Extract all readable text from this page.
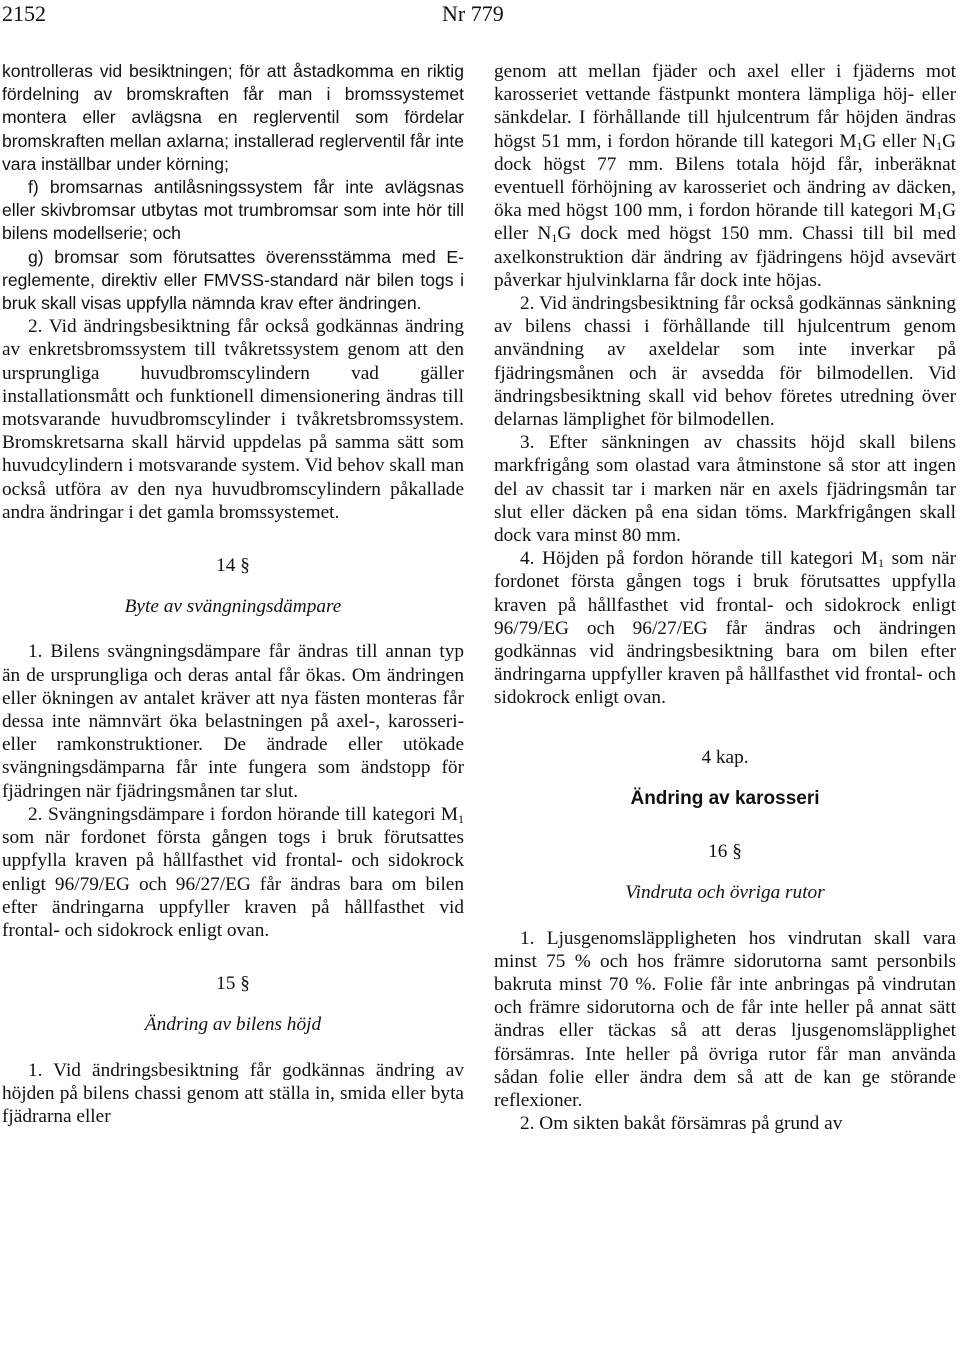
2152	Nr 779

kontrolleras vid besiktningen; för att åstadkomma en riktig fördelning av bromskraften får man i bromssystemet montera eller avlägsna en reglerventil som fördelar bromskraften mellan axlarna; installerad reglerventil får inte vara inställbar under körning;

f) bromsarnas antilåsningssystem får inte avlägsnas eller skivbromsar utbytas mot trumbromsar som inte hör till bilens modellserie; och

g) bromsar som förutsattes överensstämma med E-reglemente, direktiv eller FMVSS-standard när bilen togs i bruk skall visas uppfylla nämnda krav efter ändringen.

2. Vid ändringsbesiktning får också godkännas ändring av enkretsbromssystem till tvåkretssystem genom att den ursprungliga huvudbromscylindern vad gäller installationsmått och funktionell dimensionering ändras till motsvarande huvudbromscylinder i tvåkretsbromssystem. Bromskretsarna skall härvid uppdelas på samma sätt som huvudcylindern i motsvarande system. Vid behov skall man också utföra av den nya huvudbromscylindern påkallade andra ändringar i det gamla bromssystemet.

14 §

Byte av svängningsdämpare

1. Bilens svängningsdämpare får ändras till annan typ än de ursprungliga och deras antal får ökas. Om ändringen eller ökningen av antalet kräver att nya fästen monteras får dessa inte nämnvärt öka belastningen på axel-, karosseri- eller ramkonstruktioner. De ändrade eller utökade svängningsdämparna får inte fungera som ändstopp för fjädringen när fjädringsmånen tar slut.

2. Svängningsdämpare i fordon hörande till kategori $M_1$ som när fordonet första gången togs i bruk förutsattes uppfylla kraven på hållfasthet vid frontal- och sidokrock enligt 96/79/EG och 96/27/EG får ändras bara om bilen efter ändringarna uppfyller kraven på hållfasthet vid frontal- och sidokrock enligt ovan.

15 §

Ändring av bilens höjd

1. Vid ändringsbesiktning får godkännas ändring av höjden på bilens chassi genom att ställa in, smida eller byta fjädrarna eller

genom att mellan fjäder och axel eller i fjäderns mot karosseriet vettande fästpunkt montera lämpliga höj- eller sänkdelar. I förhållande till hjulcentrum får höjden ändras högst 51 mm, i fordon hörande till kategori $M_1G$ eller $N_1G$ dock högst 77 mm. Bilens totala höjd får, inberäknat eventuell förhöjning av karosseriet och ändring av däcken, öka med högst 100 mm, i fordon hörande till kategori $M_1G$ eller $N_1G$ dock med högst 150 mm. Chassi till bil med axelkonstruktion där ändring av fjädringens höjd avsevärt påverkar hjulvinklarna får dock inte höjas.

2. Vid ändringsbesiktning får också godkännas sänkning av bilens chassi i förhållande till hjulcentrum genom användning av axeldelar som inte inverkar på fjädringsmånen och är avsedda för bilmodellen. Vid ändringsbesiktning skall vid behov företes utredning över delarnas lämplighet för bilmodellen.

3. Efter sänkningen av chassits höjd skall bilens markfrigång som olastad vara åtminstone så stor att ingen del av chassit tar i marken när en axels fjädringsmån tar slut eller däcken på ena sidan töms. Markfrigången skall dock vara minst 80 mm.

4. Höjden på fordon hörande till kategori $M_1$ som när fordonet första gången togs i bruk förutsattes uppfylla kraven på hållfasthet vid frontal- och sidokrock enligt 96/79/EG och 96/27/EG får ändras och ändringen godkännas vid ändringsbesiktning bara om bilen efter ändringarna uppfyller kraven på hållfasthet vid frontal- och sidokrock enligt ovan.

4 kap.

Ändring av karosseri

16 §

Vindruta och övriga rutor

1. Ljusgenomsläppligheten hos vindrutan skall vara minst 75 % och hos främre sidorutorna samt personbils bakruta minst 70 %. Folie får inte anbringas på vindrutan och främre sidorutorna och de får inte heller på annat sätt ändras eller täckas så att deras ljusgenomsläpplighet försämras. Inte heller på övriga rutor får man använda sådan folie eller ändra dem så att de kan ge störande reflexioner.

2. Om sikten bakåt försämras på grund av
